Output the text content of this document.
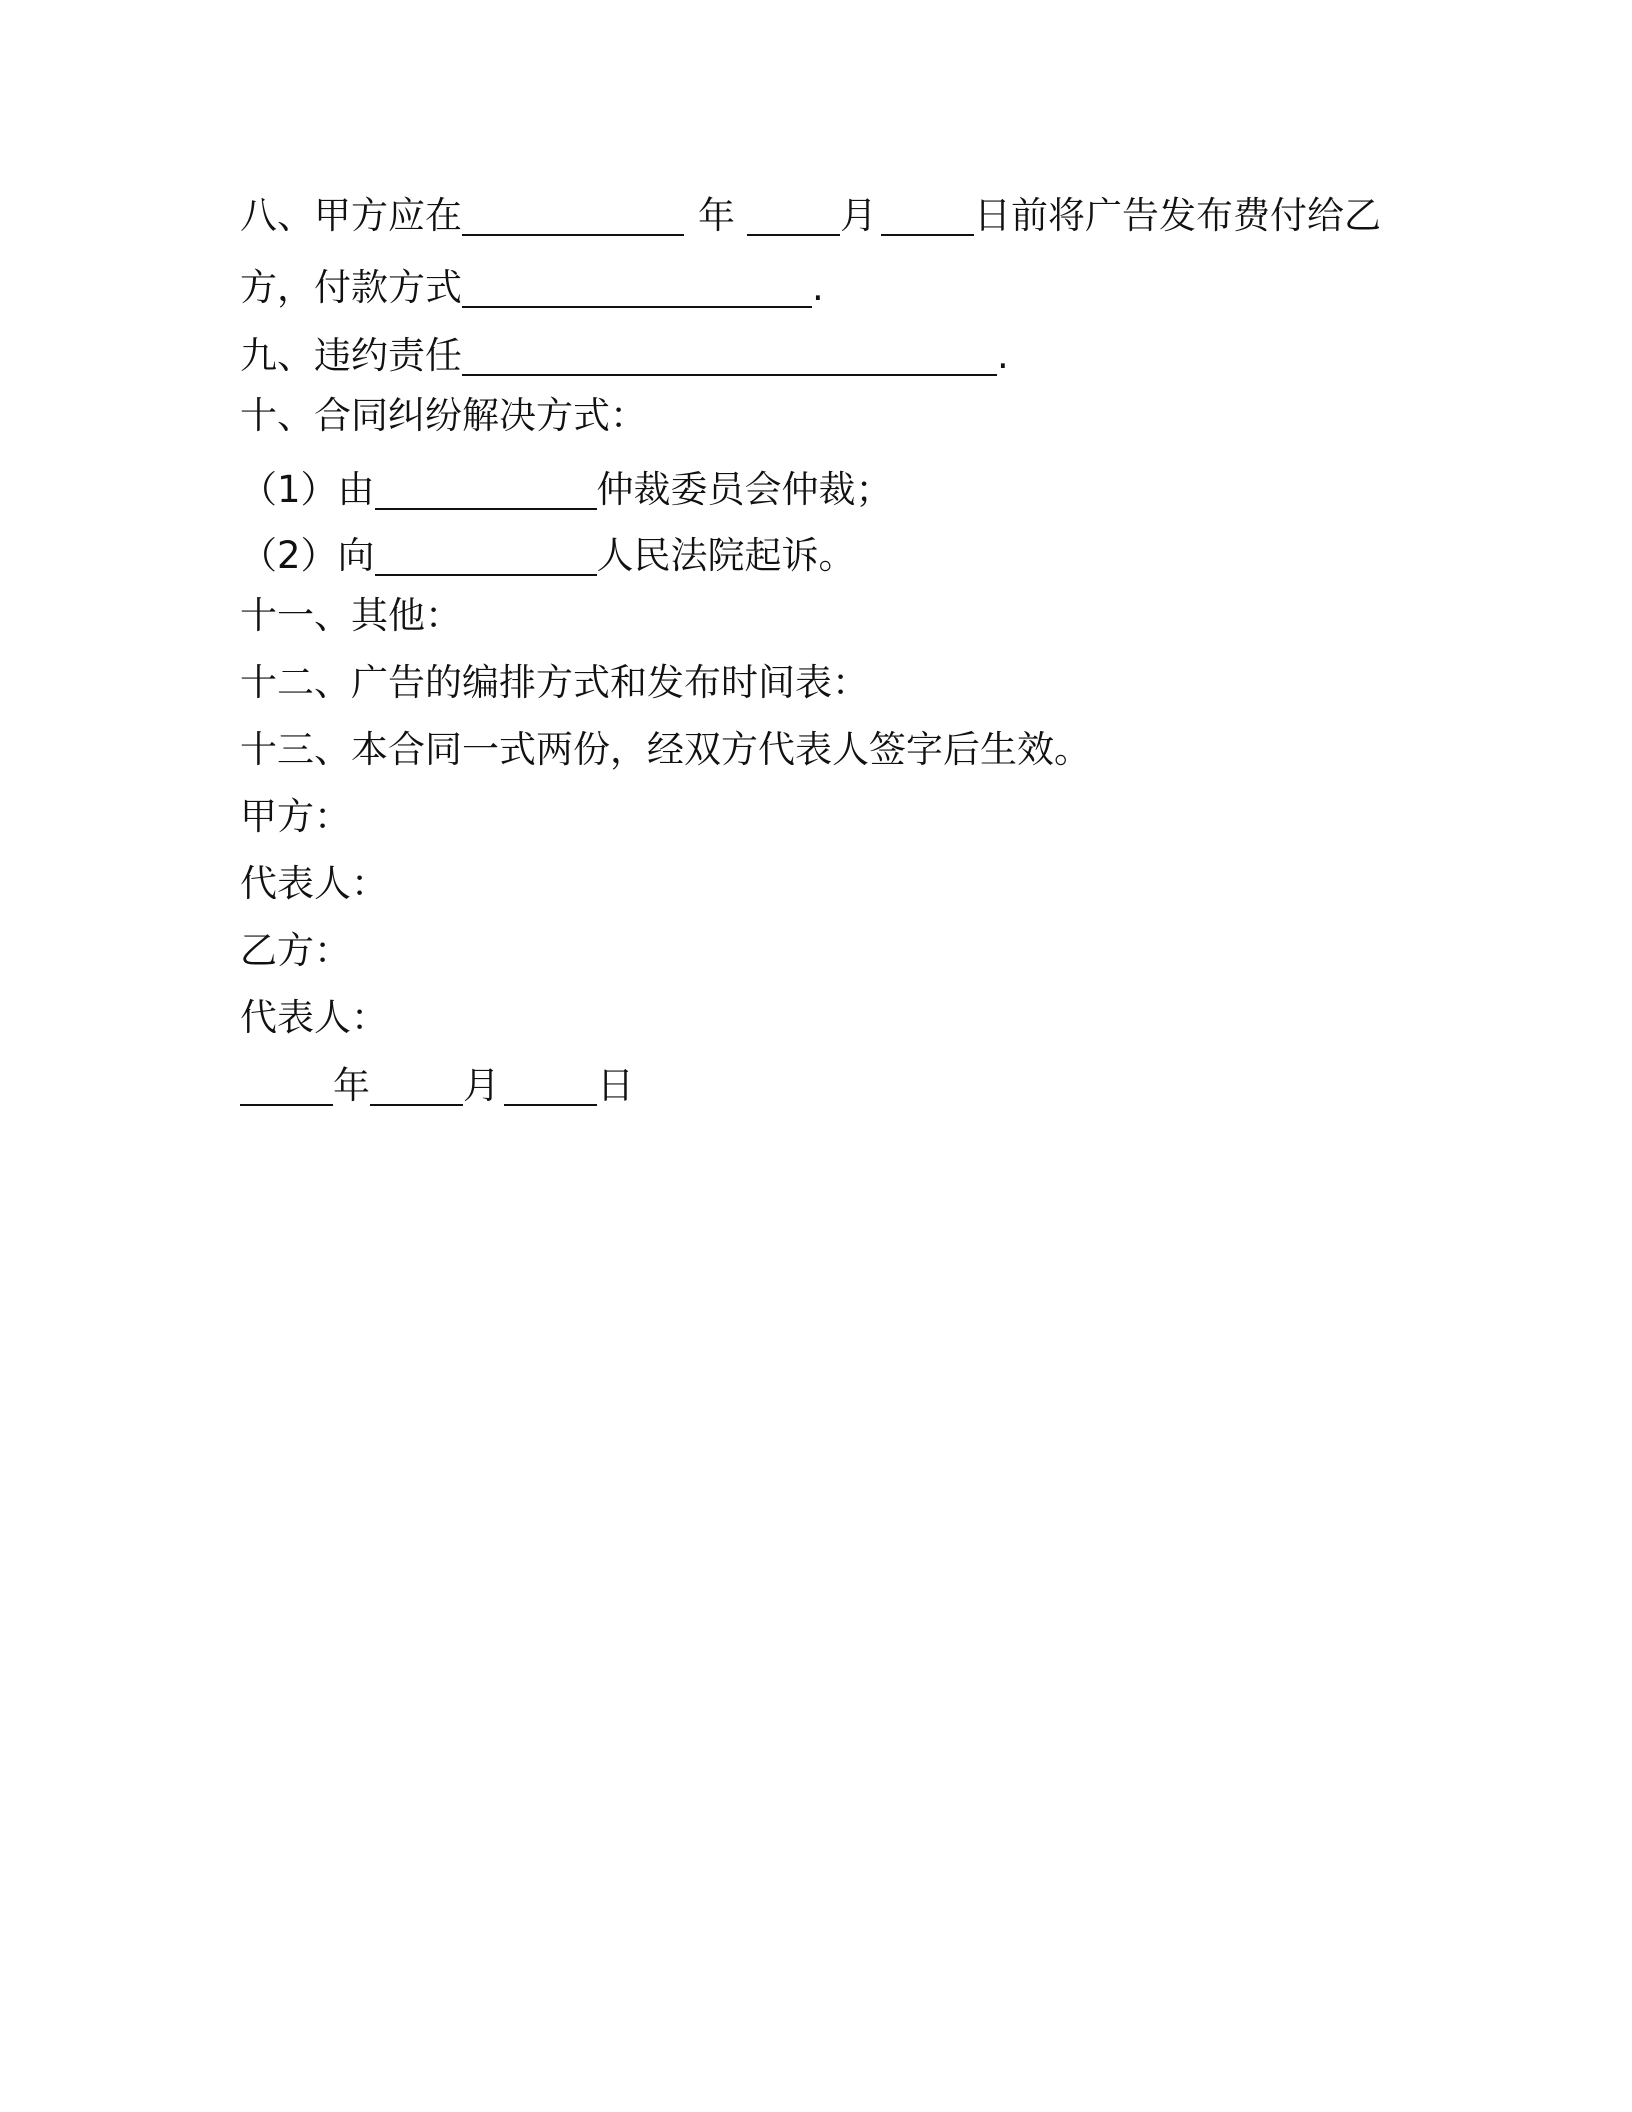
八、甲方应在	年	月	日前将广告发布费付给乙
方，付款方式	.
九、违约责任	.
十、合同纠纷解决方式：
（1）由	仲裁委员会仲裁；
（2）向	人民法院起诉。
十一、其他：
十二、广告的编排方式和发布时间表：
十三、本合同一式两份，经双方代表人签字后生效。
甲方：
代表人：
乙方：
代表人：
年	月	日
